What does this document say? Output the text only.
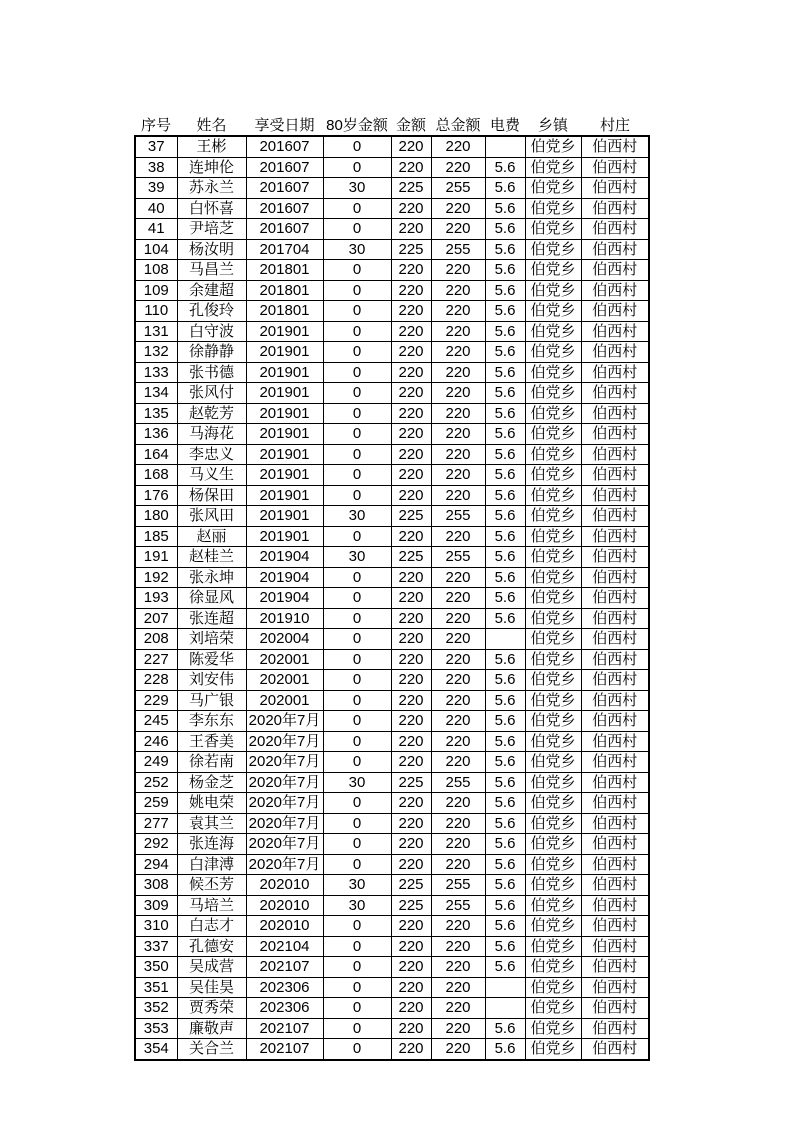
序号	姓名	享受日期	80岁金额	金额	总金额	电费	乡镇	村庄
37	王彬	201607	0	220	220		伯党乡	伯西村
38	连坤伦	201607	0	220	220	5.6	伯党乡	伯西村
39	苏永兰	201607	30	225	255	5.6	伯党乡	伯西村
40	白怀喜	201607	0	220	220	5.6	伯党乡	伯西村
41	尹培芝	201607	0	220	220	5.6	伯党乡	伯西村
104	杨汝明	201704	30	225	255	5.6	伯党乡	伯西村
108	马昌兰	201801	0	220	220	5.6	伯党乡	伯西村
109	余建超	201801	0	220	220	5.6	伯党乡	伯西村
110	孔俊玲	201801	0	220	220	5.6	伯党乡	伯西村
131	白守波	201901	0	220	220	5.6	伯党乡	伯西村
132	徐静静	201901	0	220	220	5.6	伯党乡	伯西村
133	张书德	201901	0	220	220	5.6	伯党乡	伯西村
134	张风付	201901	0	220	220	5.6	伯党乡	伯西村
135	赵乾芳	201901	0	220	220	5.6	伯党乡	伯西村
136	马海花	201901	0	220	220	5.6	伯党乡	伯西村
164	李忠义	201901	0	220	220	5.6	伯党乡	伯西村
168	马义生	201901	0	220	220	5.6	伯党乡	伯西村
176	杨保田	201901	0	220	220	5.6	伯党乡	伯西村
180	张风田	201901	30	225	255	5.6	伯党乡	伯西村
185	赵丽	201901	0	220	220	5.6	伯党乡	伯西村
191	赵桂兰	201904	30	225	255	5.6	伯党乡	伯西村
192	张永坤	201904	0	220	220	5.6	伯党乡	伯西村
193	徐显风	201904	0	220	220	5.6	伯党乡	伯西村
207	张连超	201910	0	220	220	5.6	伯党乡	伯西村
208	刘培荣	202004	0	220	220		伯党乡	伯西村
227	陈爱华	202001	0	220	220	5.6	伯党乡	伯西村
228	刘安伟	202001	0	220	220	5.6	伯党乡	伯西村
229	马广银	202001	0	220	220	5.6	伯党乡	伯西村
245	李东东	2020年7月	0	220	220	5.6	伯党乡	伯西村
246	王香美	2020年7月	0	220	220	5.6	伯党乡	伯西村
249	徐若南	2020年7月	0	220	220	5.6	伯党乡	伯西村
252	杨金芝	2020年7月	30	225	255	5.6	伯党乡	伯西村
259	姚电荣	2020年7月	0	220	220	5.6	伯党乡	伯西村
277	袁其兰	2020年7月	0	220	220	5.6	伯党乡	伯西村
292	张连海	2020年7月	0	220	220	5.6	伯党乡	伯西村
294	白津溥	2020年7月	0	220	220	5.6	伯党乡	伯西村
308	候丕芳	202010	30	225	255	5.6	伯党乡	伯西村
309	马培兰	202010	30	225	255	5.6	伯党乡	伯西村
310	白志才	202010	0	220	220	5.6	伯党乡	伯西村
337	孔德安	202104	0	220	220	5.6	伯党乡	伯西村
350	吴成营	202107	0	220	220	5.6	伯党乡	伯西村
351	吴佳昊	202306	0	220	220		伯党乡	伯西村
352	贾秀荣	202306	0	220	220		伯党乡	伯西村
353	廉敬声	202107	0	220	220	5.6	伯党乡	伯西村
354	关合兰	202107	0	220	220	5.6	伯党乡	伯西村
